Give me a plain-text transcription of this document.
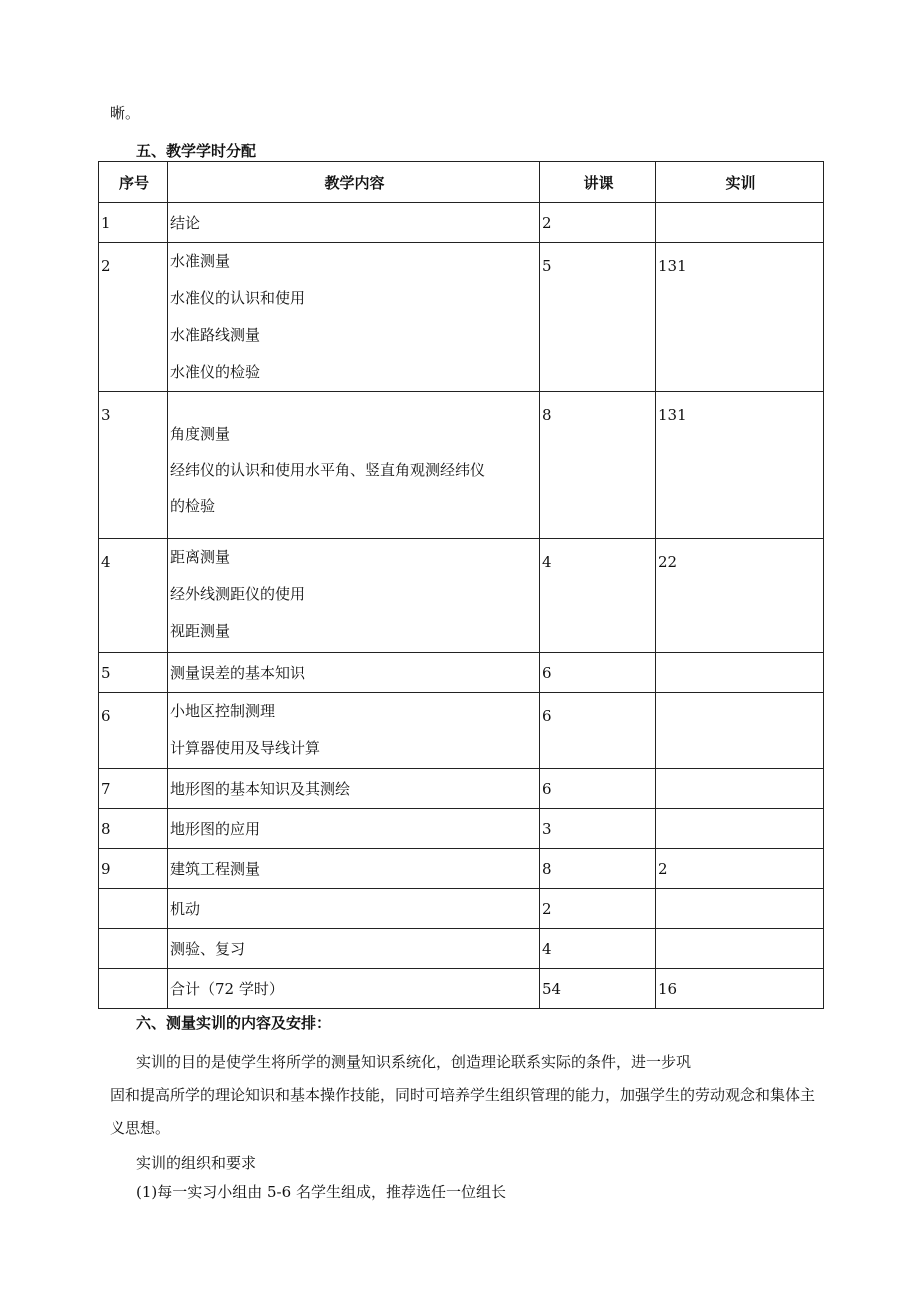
晰。
五、教学学时分配
序号	教学内容	讲课	实训

1	结论	2	

2	水准测量
水准仪的认识和使用
水准路线测量
水准仪的检验	5	131

3	角度测量
经纬仪的认识和使用水平角、竖直角观测经纬仪
的检验	8	131

4	距离测量
经外线测距仪的使用
视距测量	4	22

5	测量误差的基本知识	6	

6	小地区控制测理
计算器使用及导线计算	6	

7	地形图的基本知识及其测绘	6	

8	地形图的应用	3	

9	建筑工程测量	8	2

	机动	2	

	测验、复习	4	

	合计（72 学时）	54	16
六、测量实训的内容及安排：
实训的目的是使学生将所学的测量知识系统化，创造理论联系实际的条件，进一步巩
固和提高所学的理论知识和基本操作技能，同时可培养学生组织管理的能力，加强学生的劳动观念和集体主义思想。
实训的组织和要求
(1)每一实习小组由 5-6 名学生组成，推荐选任一位组长
